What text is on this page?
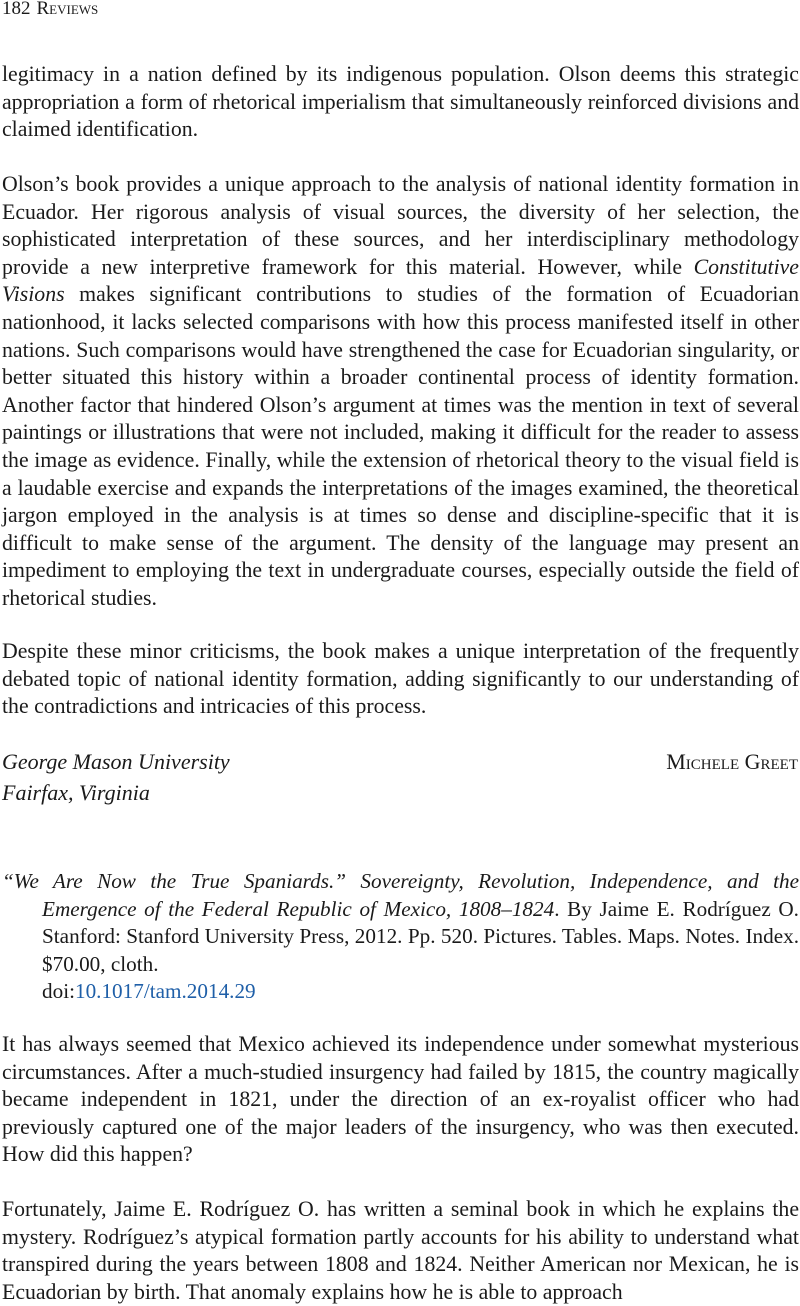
182 Reviews

legitimacy in a nation defined by its indigenous population. Olson deems this strategic appropriation a form of rhetorical imperialism that simultaneously reinforced divisions and claimed identification.

Olson’s book provides a unique approach to the analysis of national identity formation in Ecuador. Her rigorous analysis of visual sources, the diversity of her selection, the sophisticated interpretation of these sources, and her interdisciplinary methodology provide a new interpretive framework for this material. However, while Constitutive Visions makes significant contributions to studies of the formation of Ecuadorian nationhood, it lacks selected comparisons with how this process manifested itself in other nations. Such comparisons would have strengthened the case for Ecuadorian singularity, or better situated this history within a broader continental process of identity formation. Another factor that hindered Olson’s argument at times was the mention in text of several paintings or illustrations that were not included, making it difficult for the reader to assess the image as evidence. Finally, while the extension of rhetorical theory to the visual field is a laudable exercise and expands the interpretations of the images examined, the theoretical jargon employed in the analysis is at times so dense and discipline-specific that it is difficult to make sense of the argument. The density of the language may present an impediment to employing the text in undergraduate courses, especially outside the field of rhetorical studies.

Despite these minor criticisms, the book makes a unique interpretation of the frequently debated topic of national identity formation, adding significantly to our understanding of the contradictions and intricacies of this process.

George Mason University
Fairfax, Virginia
Michele Greet

“We Are Now the True Spaniards.” Sovereignty, Revolution, Independence, and the Emergence of the Federal Republic of Mexico, 1808–1824. By Jaime E. Rodríguez O. Stanford: Stanford University Press, 2012. Pp. 520. Pictures. Tables. Maps. Notes. Index. $70.00, cloth.
doi:10.1017/tam.2014.29

It has always seemed that Mexico achieved its independence under somewhat mysterious circumstances. After a much-studied insurgency had failed by 1815, the country magically became independent in 1821, under the direction of an ex-royalist officer who had previously captured one of the major leaders of the insurgency, who was then executed. How did this happen?

Fortunately, Jaime E. Rodríguez O. has written a seminal book in which he explains the mystery. Rodríguez’s atypical formation partly accounts for his ability to understand what transpired during the years between 1808 and 1824. Neither American nor Mexican, he is Ecuadorian by birth. That anomaly explains how he is able to approach
